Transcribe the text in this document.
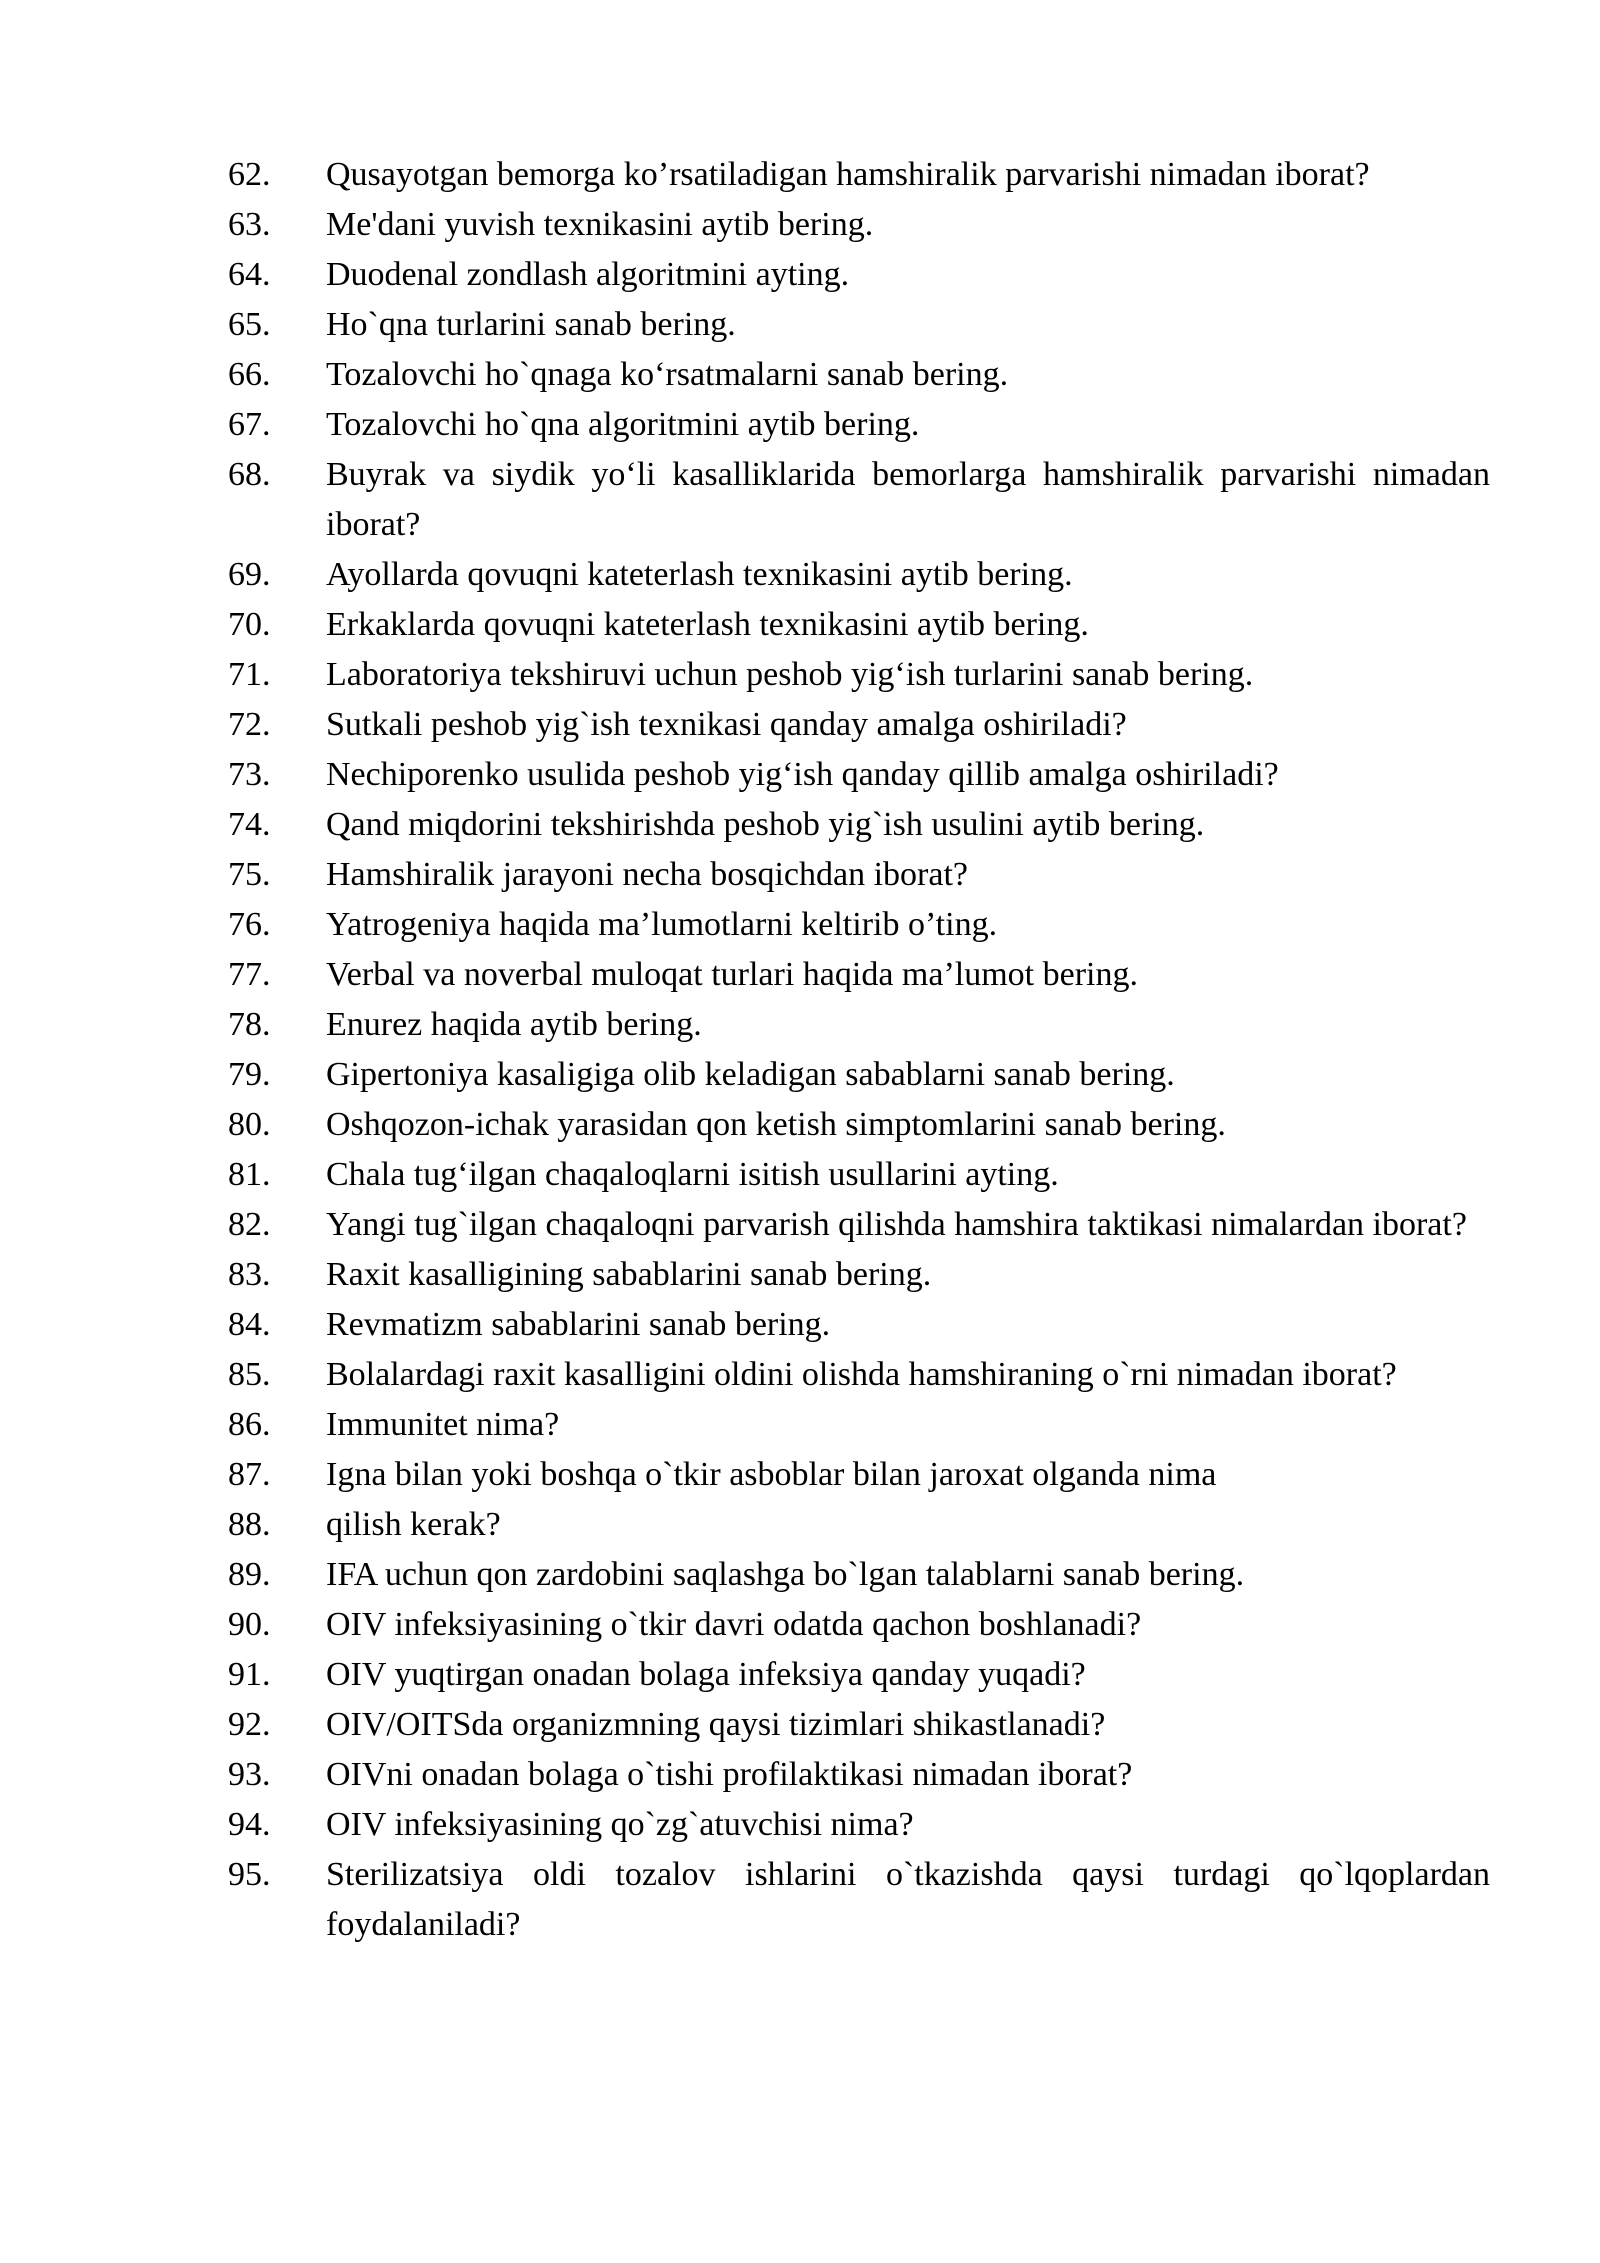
62.	Qusayotgan bemorga ko’rsatiladigan hamshiralik parvarishi nimadan iborat?
63.	Me'dani yuvish texnikasini aytib bering.
64.	Duodenal zondlash algoritmini ayting.
65.	Ho`qna turlarini sanab bering.
66.	Tozalovchi ho`qnaga ko‘rsatmalarni sanab bering.
67.	Tozalovchi ho`qna algoritmini aytib bering.
68.	Buyrak va siydik yo‘li kasalliklarida bemorlarga hamshiralik parvarishi nimadan iborat?
69.	Ayollarda qovuqni kateterlash texnikasini aytib bering.
70.	Erkaklarda qovuqni kateterlash texnikasini aytib bering.
71.	Laboratoriya tekshiruvi uchun peshob yig‘ish turlarini sanab bering.
72.	Sutkali peshob yig`ish texnikasi qanday amalga oshiriladi?
73.	Nechiporenko usulida peshob yig‘ish qanday qillib amalga oshiriladi?
74.	Qand miqdorini tekshirishda peshob yig`ish usulini aytib bering.
75.	Hamshiralik jarayoni necha bosqichdan iborat?
76.	Yatrogeniya haqida ma’lumotlarni keltirib o’ting.
77.	Verbal va noverbal muloqat turlari haqida ma’lumot bering.
78.	Enurez haqida aytib bering.
79.	Gipertoniya kasaligiga olib keladigan sabablarni sanab bering.
80.	Oshqozon-ichak yarasidan qon ketish simptomlarini sanab bering.
81.	Chala tug‘ilgan chaqaloqlarni isitish usullarini ayting.
82.	Yangi tug`ilgan chaqaloqni parvarish qilishda hamshira taktikasi nimalardan iborat?
83.	Raxit kasalligining sabablarini sanab bering.
84.	Revmatizm sabablarini sanab bering.
85.	Bolalardagi raxit kasalligini oldini olishda hamshiraning o`rni nimadan iborat?
86.	Immunitet nima?
87.	Igna bilan yoki boshqa o`tkir asboblar bilan jaroxat olganda nima
88.	qilish kerak?
89.	IFA uchun qon zardobini saqlashga bo`lgan talablarni sanab bering.
90.	OIV infeksiyasining o`tkir davri odatda qachon boshlanadi?
91.	OIV yuqtirgan onadan bolaga infeksiya qanday yuqadi?
92.	OIV/OITSda organizmning qaysi tizimlari shikastlanadi?
93.	OIVni onadan bolaga o`tishi profilaktikasi nimadan iborat?
94.	OIV infeksiyasining qo`zg`atuvchisi nima?
95.	Sterilizatsiya oldi tozalov ishlarini o`tkazishda qaysi turdagi qo`lqoplardan foydalaniladi?
